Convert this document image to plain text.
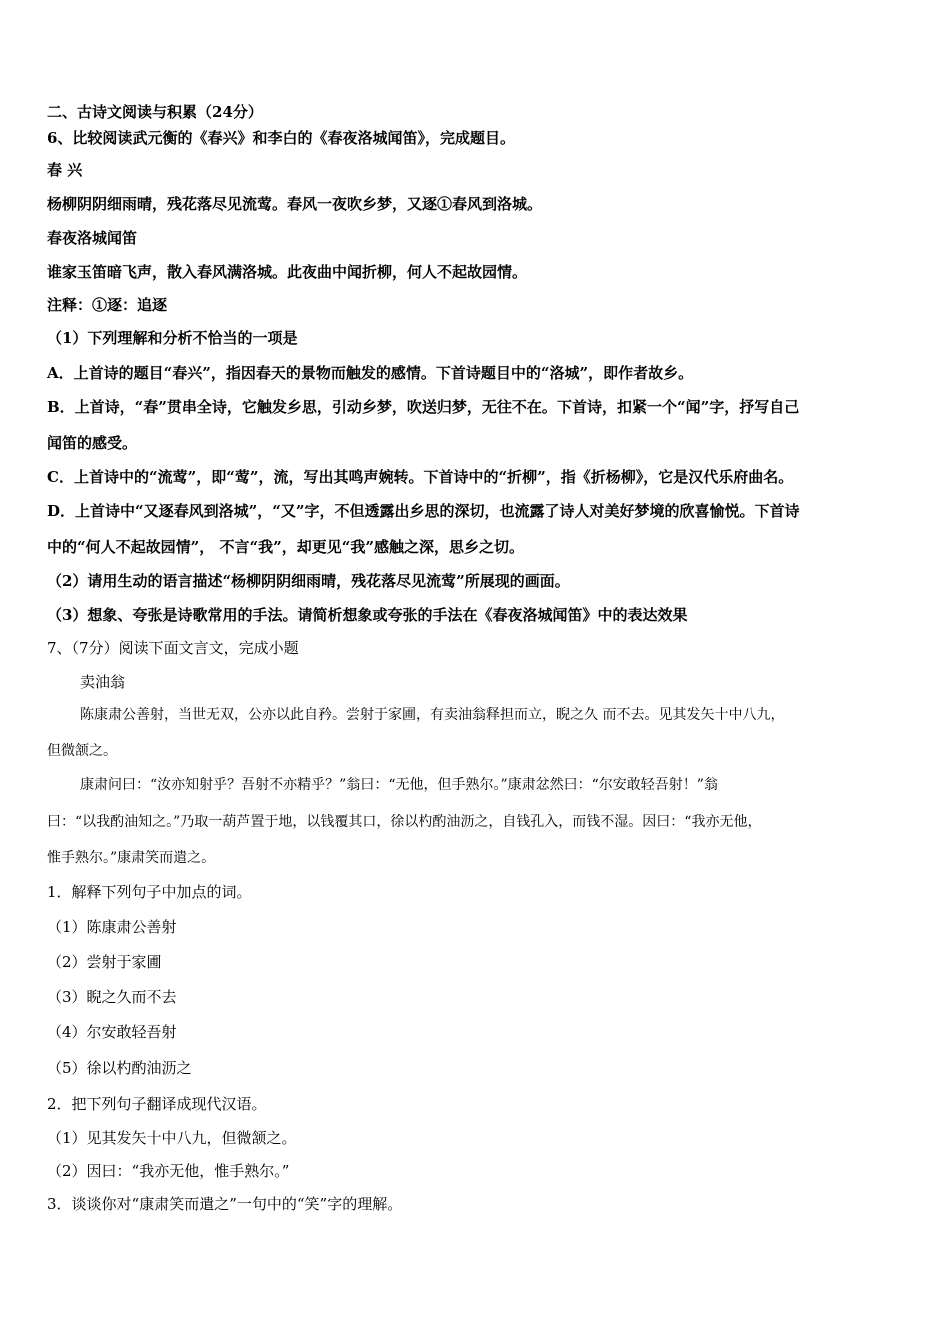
二、古诗文阅读与积累（24分）
6、比较阅读武元衡的《春兴》和李白的《春夜洛城闻笛》，完成题目。
春 兴
杨柳阴阴细雨晴，残花落尽见流莺。春风一夜吹乡梦，又逐①春风到洛城。
春夜洛城闻笛
谁家玉笛暗飞声，散入春风满洛城。此夜曲中闻折柳，何人不起故园情。
注释：①逐：追逐
（1）下列理解和分析不恰当的一项是
A．上首诗的题目“春兴”，指因春天的景物而触发的感情。下首诗题目中的“洛城”，即作者故乡。
B．上首诗，“春”贯串全诗，它触发乡思，引动乡梦，吹送归梦，无往不在。下首诗，扣紧一个“闻”字，抒写自己
闻笛的感受。
C．上首诗中的“流莺”，即“莺”，流，写出其鸣声婉转。下首诗中的“折柳”，指《折杨柳》，它是汉代乐府曲名。
D．上首诗中“又逐春风到洛城”，“又”字，不但透露出乡思的深切，也流露了诗人对美好梦境的欣喜愉悦。下首诗
中的“何人不起故园情”， 不言“我”，却更见“我”感触之深，思乡之切。
（2）请用生动的语言描述“杨柳阴阴细雨晴，残花落尽见流莺”所展现的画面。
（3）想象、夸张是诗歌常用的手法。请简析想象或夸张的手法在《春夜洛城闻笛》中的表达效果
7、（7分）阅读下面文言文，完成小题
卖油翁
陈康肃公善射，当世无双，公亦以此自矜。尝射于家圃，有卖油翁释担而立，睨之久 而不去。见其发矢十中八九，
但微颔之。
康肃问曰：“汝亦知射乎？吾射不亦精乎？”翁曰：“无他，但手熟尔。”康肃忿然曰：“尔安敢轻吾射！”翁
曰：“以我酌油知之。”乃取一葫芦置于地，以钱覆其口，徐以杓酌油沥之，自钱孔入，而钱不湿。因曰：“我亦无他，
惟手熟尔。”康肃笑而遣之。
1．解释下列句子中加点的词。
（1）陈康肃公善射
（2）尝射于家圃
（3）睨之久而不去
（4）尔安敢轻吾射
（5）徐以杓酌油沥之
2．把下列句子翻译成现代汉语。
（1）见其发矢十中八九，但微颔之。
（2）因曰：“我亦无他，惟手熟尔。”
3．谈谈你对“康肃笑而遣之”一句中的“笑”字的理解。
